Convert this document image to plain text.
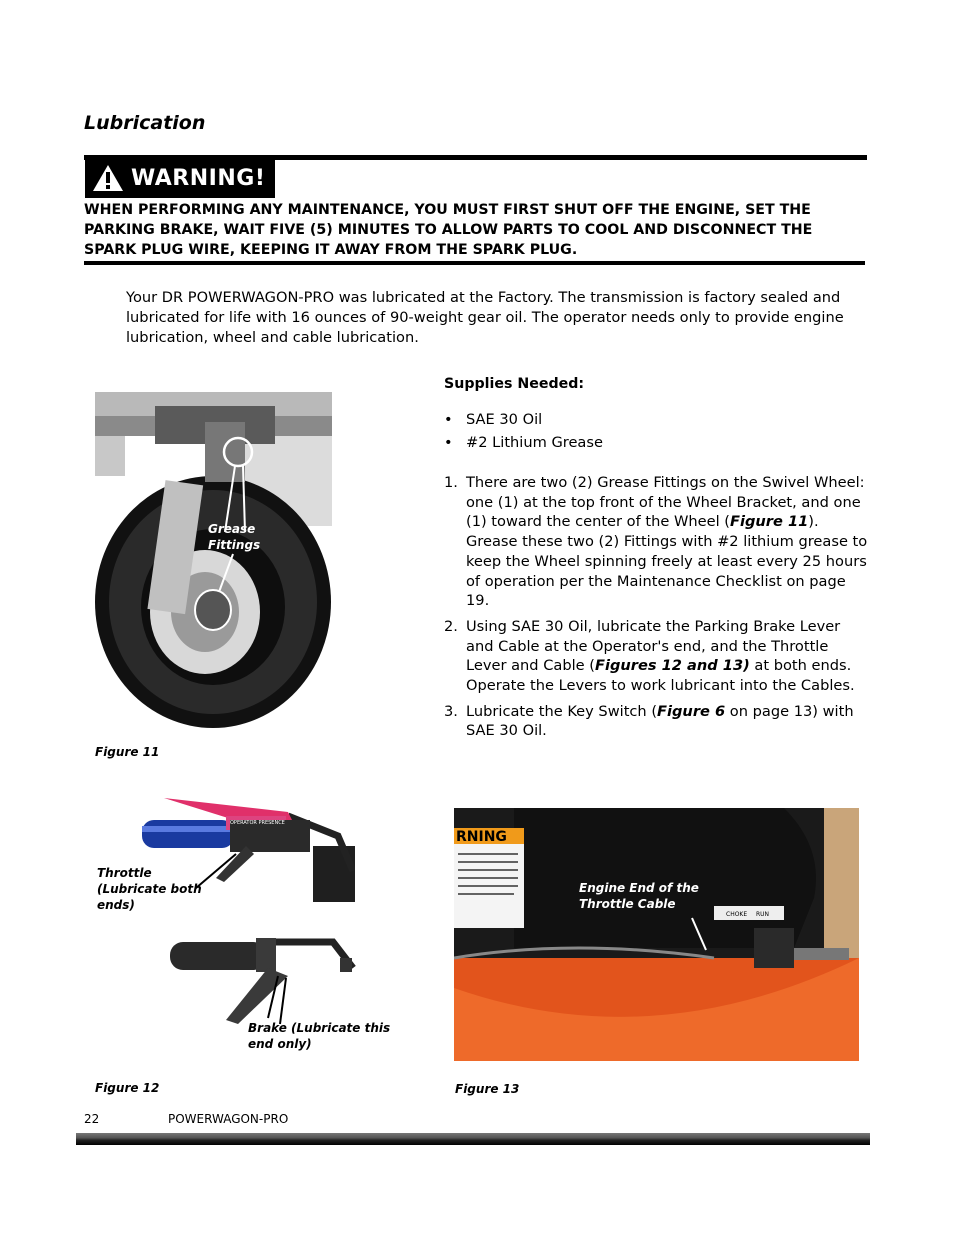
Lubrication
WARNING!
WHEN PERFORMING ANY MAINTENANCE, YOU MUST FIRST SHUT OFF THE ENGINE, SET THE PARKING BRAKE, WAIT FIVE (5) MINUTES TO ALLOW PARTS TO COOL AND DISCONNECT THE SPARK PLUG WIRE, KEEPING IT AWAY FROM THE SPARK PLUG.
Your DR POWERWAGON-PRO was lubricated at the Factory. The transmission is factory sealed and lubricated for life with 16 ounces of 90-weight gear oil. The operator needs only to provide engine lubrication, wheel and cable lubrication.
Supplies Needed:
• SAE 30 Oil
• #2 Lithium Grease
1. There are two (2) Grease Fittings on the Swivel Wheel: one (1) at the top front of the Wheel Bracket, and one (1) toward the center of the Wheel (Figure 11). Grease these two (2) Fittings with #2 lithium grease to keep the Wheel spinning freely at least every 25 hours of operation per the Maintenance Checklist on page 19.
2. Using SAE 30 Oil, lubricate the Parking Brake Lever and Cable at the Operator's end, and the Throttle Lever and Cable (Figures 12 and 13) at both ends. Operate the Levers to work lubricant into the Cables.
3. Lubricate the Key Switch (Figure 6 on page 13) with SAE 30 Oil.
Grease
Fittings
Figure 11
OPERATOR PRESENCE
Throttle
(Lubricate both
ends)
Brake (Lubricate this
end only)
Figure 12
RNING
CHOKE RUN
Engine End of the
Throttle Cable
Figure 13
22	POWERWAGON-PRO
